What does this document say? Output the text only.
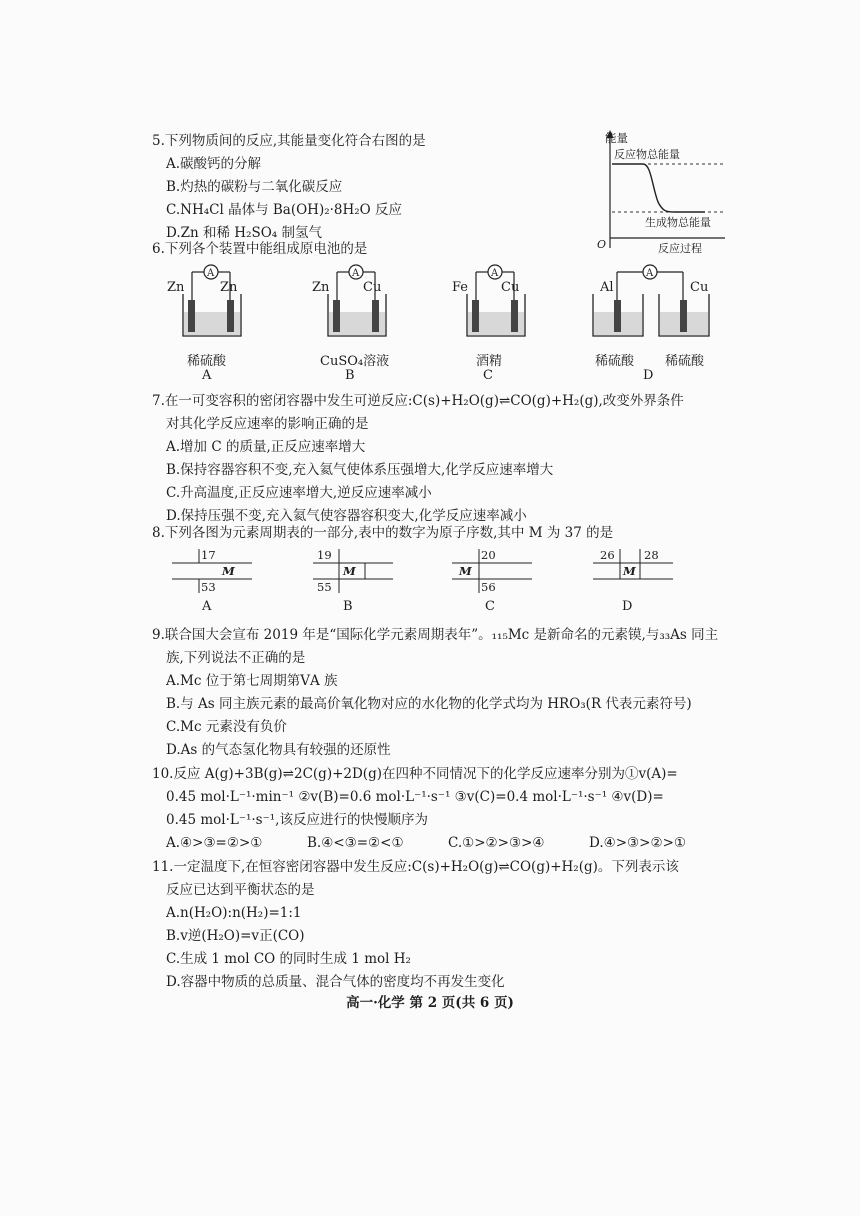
5.下列物质间的反应,其能量变化符合右图的是
A.碳酸钙的分解
B.灼热的碳粉与二氧化碳反应
C.NH₄Cl 晶体与 Ba(OH)₂·8H₂O 反应
D.Zn 和稀 H₂SO₄ 制氢气
能量
反应物总能量
生成物总能量
O	反应过程
6.下列各个装置中能组成原电池的是
A
Zn	Zn
稀硫酸
A
A
Zn	Cu
CuSO₄溶液
B
A
Fe	Cu
酒精
C
A
Al	Cu
稀硫酸 稀硫酸
D
7.在一可变容积的密闭容器中发生可逆反应:C(s)+H₂O(g)⇌CO(g)+H₂(g),改变外界条件
对其化学反应速率的影响正确的是
A.增加 C 的质量,正反应速率增大
B.保持容器容积不变,充入氦气使体系压强增大,化学反应速率增大
C.升高温度,正反应速率增大,逆反应速率减小
D.保持压强不变,充入氦气使容器容积变大,化学反应速率减小
8.下列各图为元素周期表的一部分,表中的数字为原子序数,其中 M 为 37 的是
17
M
53
A
19
M
55
B
20
M
56
C
26	28
M
D
9.联合国大会宣布 2019 年是“国际化学元素周期表年”。₁₁₅Mc 是新命名的元素镆,与₃₃As 同主
族,下列说法不正确的是
A.Mc 位于第七周期第ⅤA 族
B.与 As 同主族元素的最高价氧化物对应的水化物的化学式均为 HRO₃(R 代表元素符号)
C.Mc 元素没有负价
D.As 的气态氢化物具有较强的还原性
10.反应 A(g)+3B(g)⇌2C(g)+2D(g)在四种不同情况下的化学反应速率分别为①v(A)=
0.45 mol·L⁻¹·min⁻¹ ②v(B)=0.6 mol·L⁻¹·s⁻¹ ③v(C)=0.4 mol·L⁻¹·s⁻¹ ④v(D)=
0.45 mol·L⁻¹·s⁻¹,该反应进行的快慢顺序为
A.④>③=②>①	B.④<③=②<①	C.①>②>③>④	D.④>③>②>①
11.一定温度下,在恒容密闭容器中发生反应:C(s)+H₂O(g)⇌CO(g)+H₂(g)。下列表示该
反应已达到平衡状态的是
A.n(H₂O):n(H₂)=1:1
B.v逆(H₂O)=v正(CO)
C.生成 1 mol CO 的同时生成 1 mol H₂
D.容器中物质的总质量、混合气体的密度均不再发生变化
高一·化学 第 2 页(共 6 页)
